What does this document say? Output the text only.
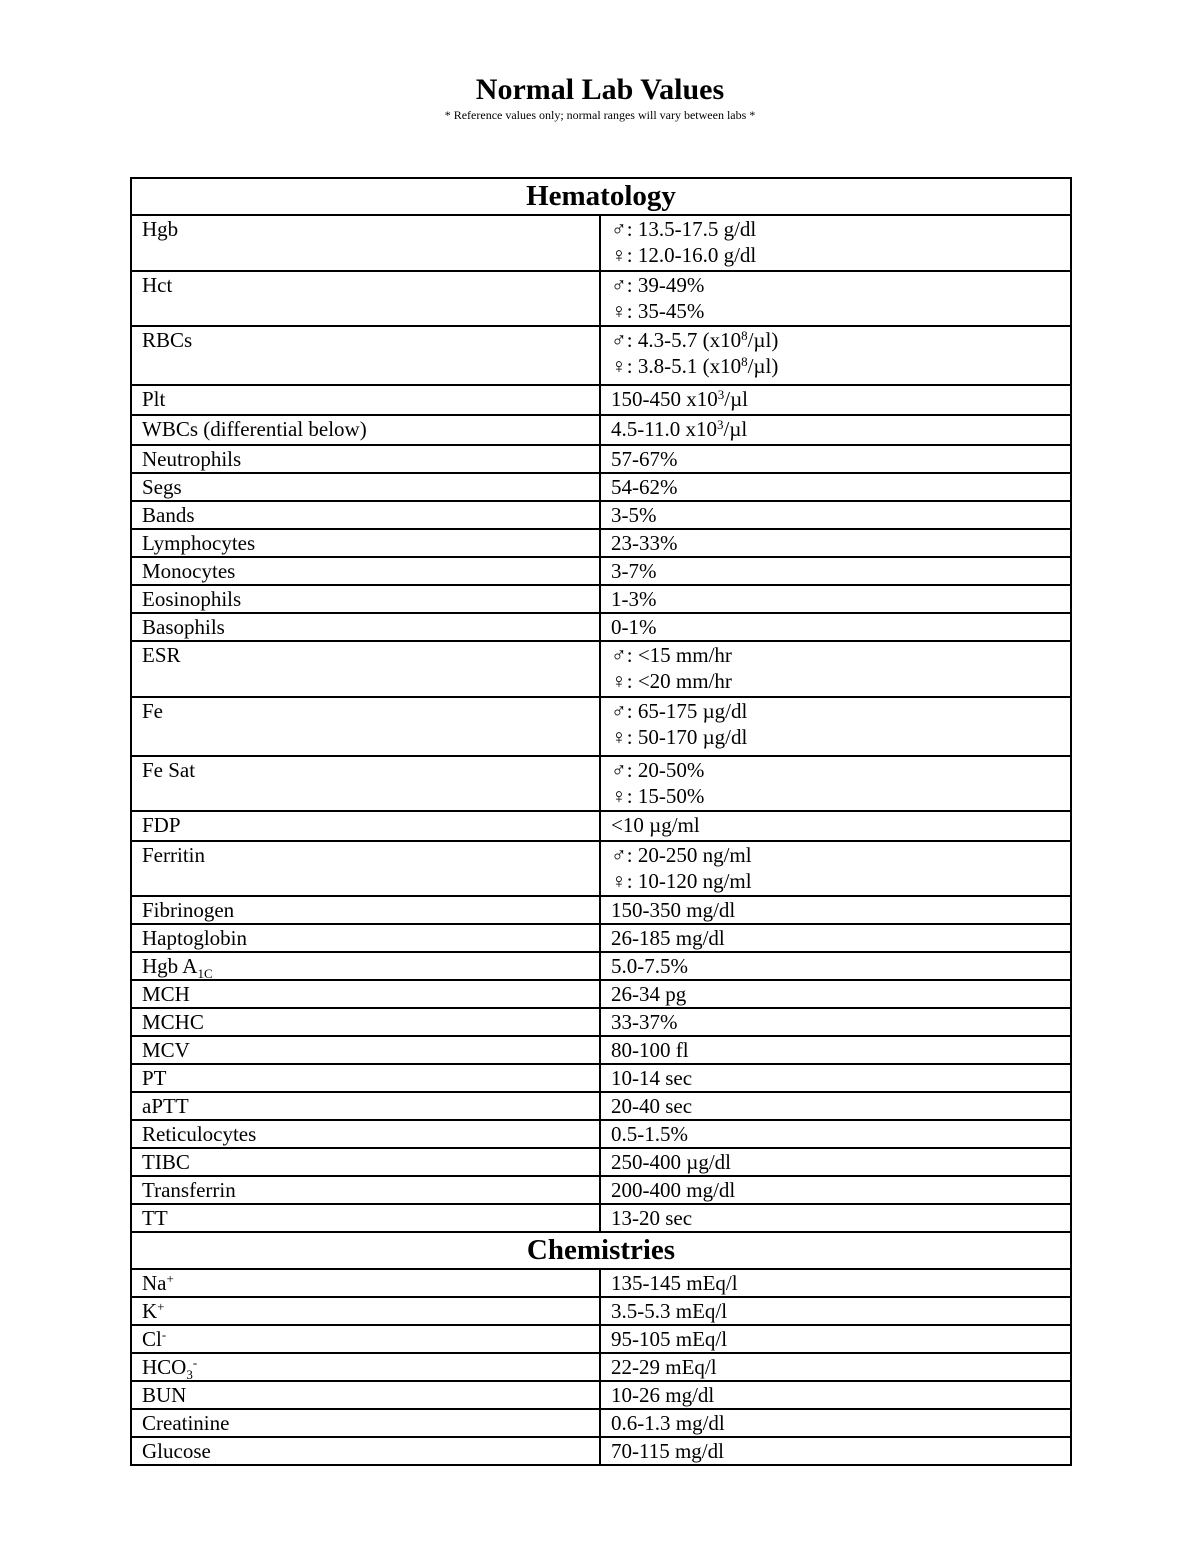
Normal Lab Values
* Reference values only; normal ranges will vary between labs *
Hematology	

Hgb	♂: 13.5-17.5 g/dl
♀: 12.0-16.0 g/dl

Hct	♂: 39-49%
♀: 35-45%

RBCs	♂: 4.3-5.7 $(x10^8/\mu l)$
♀: 3.8-5.1 $(x10^8/\mu l)$

Plt	150-450 $x10^3/\mu l$

WBCs (differential below)	4.5-11.0 $x10^3/\mu l$

Neutrophils	57-67%

Segs	54-62%

Bands	3-5%

Lymphocytes	23-33%

Monocytes	3-7%

Eosinophils	1-3%

Basophils	0-1%

ESR	♂: <15 mm/hr
♀: <20 mm/hr

Fe	♂: 65-175 µg/dl
♀: 50-170 µg/dl

Fe Sat	♂: 20-50%
♀: 15-50%

FDP	<10 µg/ml

Ferritin	♂: 20-250 ng/ml
♀: 10-120 ng/ml

Fibrinogen	150-350 mg/dl

Haptoglobin	26-185 mg/dl

Hgb $A_{1C}$	5.0-7.5%

MCH	26-34 pg

MCHC	33-37%

MCV	80-100 fl

PT	10-14 sec

aPTT	20-40 sec

Reticulocytes	0.5-1.5%

TIBC	250-400 µg/dl

Transferrin	200-400 mg/dl

TT	13-20 sec

Chemistries	

Na+	135-145 mEq/l

K+	3.5-5.3 mEq/l

Cl-	95-105 mEq/l

$HCO_3^-$	22-29 mEq/l

BUN	10-26 mg/dl

Creatinine	0.6-1.3 mg/dl

Glucose	70-115 mg/dl
